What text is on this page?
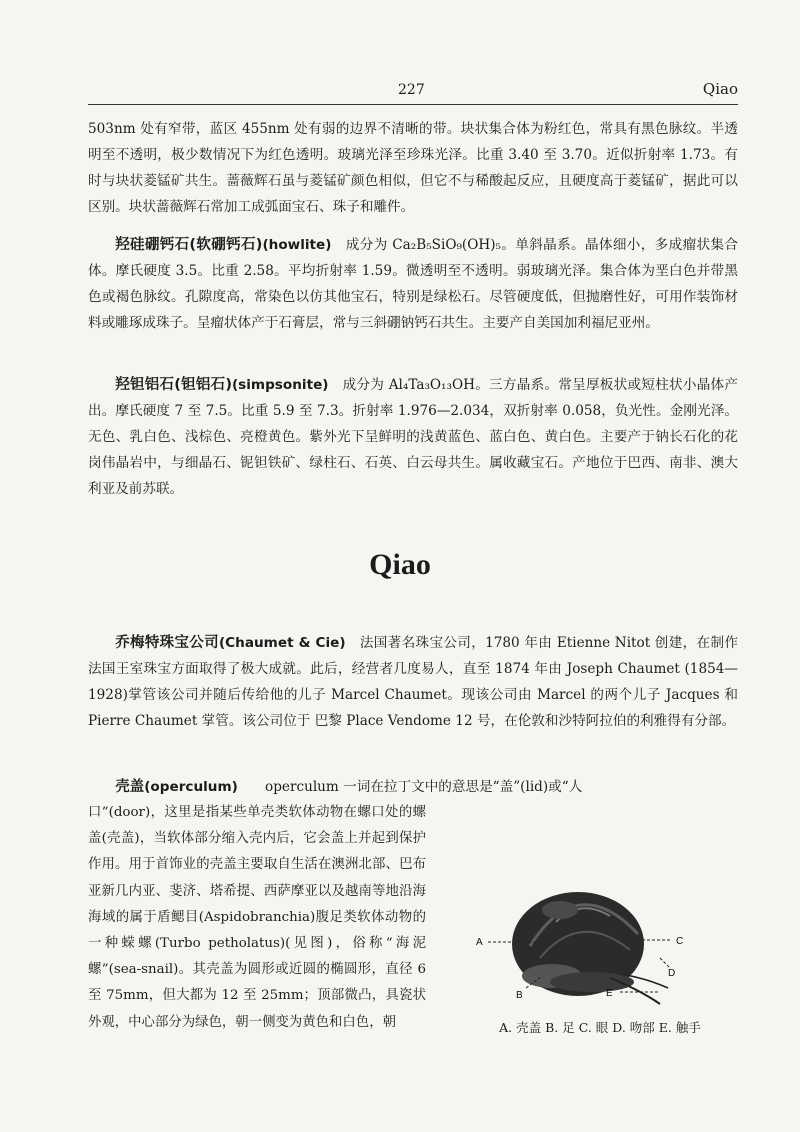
227	Qiao

503nm 处有窄带，蓝区 455nm 处有弱的边界不清晰的带。块状集合体为粉红色，常具有黑色脉纹。半透明至不透明，极少数情况下为红色透明。玻璃光泽至珍珠光泽。比重 3.40 至 3.70。近似折射率 1.73。有时与块状菱锰矿共生。蔷薇辉石虽与菱锰矿颜色相似，但它不与稀酸起反应，且硬度高于菱锰矿，据此可以区别。块状蔷薇辉石常加工成弧面宝石、珠子和雕件。

羟硅硼钙石(软硼钙石)(howlite)　成分为 Ca₂B₅SiO₉(OH)₅。单斜晶系。晶体细小，多成瘤状集合体。摩氏硬度 3.5。比重 2.58。平均折射率 1.59。微透明至不透明。弱玻璃光泽。集合体为垩白色并带黑色或褐色脉纹。孔隙度高，常染色以仿其他宝石，特别是绿松石。尽管硬度低，但抛磨性好，可用作装饰材料或雕琢成珠子。呈瘤状体产于石膏层，常与三斜硼钠钙石共生。主要产自美国加利福尼亚州。

羟钽铝石(钽铝石)(simpsonite)　成分为 Al₄Ta₃O₁₃OH。三方晶系。常呈厚板状或短柱状小晶体产出。摩氏硬度 7 至 7.5。比重 5.9 至 7.3。折射率 1.976—2.034，双折射率 0.058，负光性。金刚光泽。无色、乳白色、浅棕色、亮橙黄色。紫外光下呈鲜明的浅黄蓝色、蓝白色、黄白色。主要产于钠长石化的花岗伟晶岩中，与细晶石、铌钽铁矿、绿柱石、石英、白云母共生。属收藏宝石。产地位于巴西、南非、澳大利亚及前苏联。

Qiao

乔梅特珠宝公司(Chaumet & Cie)　法国著名珠宝公司，1780 年由 Etienne Nitot 创建，在制作法国王室珠宝方面取得了极大成就。此后，经营者几度易人，直至 1874 年由 Joseph Chaumet (1854—1928)掌管该公司并随后传给他的儿子 Marcel Chaumet。现该公司由 Marcel 的两个儿子 Jacques 和 Pierre Chaumet 掌管。该公司位于 巴黎 Place Vendome 12 号，在伦敦和沙特阿拉伯的利雅得有分部。

壳盖(operculum)　　operculum 一词在拉丁文中的意思是“盖”(lid)或“人

口”(door)，这里是指某些单壳类软体动物在螺口处的螺盖(壳盖)，当软体部分缩入壳内后，它会盖上并起到保护作用。用于首饰业的壳盖主要取自生活在澳洲北部、巴布亚新几内亚、斐济、塔希提、西萨摩亚以及越南等地沿海海域的属于盾鳃目(Aspidobranchia)腹足类软体动物的一种蝾螺(Turbo petholatus)(见图)，俗称“海泥螺”(sea-snail)。其壳盖为圆形或近圆的椭圆形，直径 6 至 75mm，但大都为 12 至 25mm；顶部微凸，具瓷状外观，中心部分为绿色，朝一侧变为黄色和白色，朝

A	C
D
E
B
A. 壳盖 B. 足 C. 眼 D. 吻部 E. 触手
